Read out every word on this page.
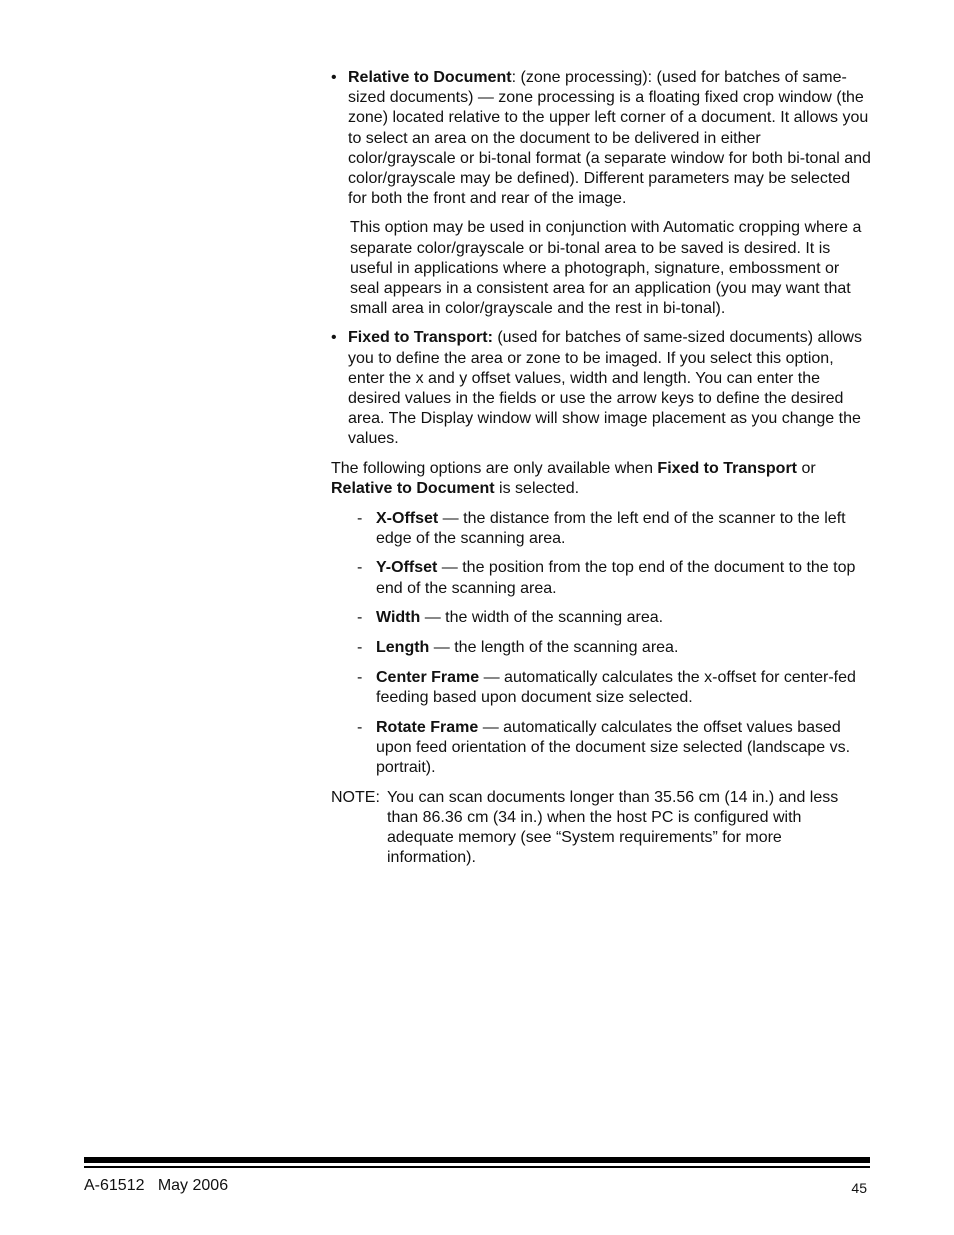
• Relative to Document: (zone processing): (used for batches of same-sized documents) — zone processing is a floating fixed crop window (the zone) located relative to the upper left corner of a document. It allows you to select an area on the document to be delivered in either color/grayscale or bi-tonal format (a separate window for both bi-tonal and color/grayscale may be defined). Different parameters may be selected for both the front and rear of the image.
This option may be used in conjunction with Automatic cropping where a separate color/grayscale or bi-tonal area to be saved is desired. It is useful in applications where a photograph, signature, embossment or seal appears in a consistent area for an application (you may want that small area in color/grayscale and the rest in bi-tonal).
• Fixed to Transport: (used for batches of same-sized documents) allows you to define the area or zone to be imaged. If you select this option, enter the x and y offset values, width and length. You can enter the desired values in the fields or use the arrow keys to define the desired area. The Display window will show image placement as you change the values.
The following options are only available when Fixed to Transport or Relative to Document is selected.
- X-Offset — the distance from the left end of the scanner to the left edge of the scanning area.
- Y-Offset — the position from the top end of the document to the top end of the scanning area.
- Width — the width of the scanning area.
- Length — the length of the scanning area.
- Center Frame — automatically calculates the x-offset for center-fed feeding based upon document size selected.
- Rotate Frame — automatically calculates the offset values based upon feed orientation of the document size selected (landscape vs. portrait).
NOTE: You can scan documents longer than 35.56 cm (14 in.) and less than 86.36 cm (34 in.) when the host PC is configured with adequate memory (see “System requirements” for more information).
A-61512   May 2006	45
